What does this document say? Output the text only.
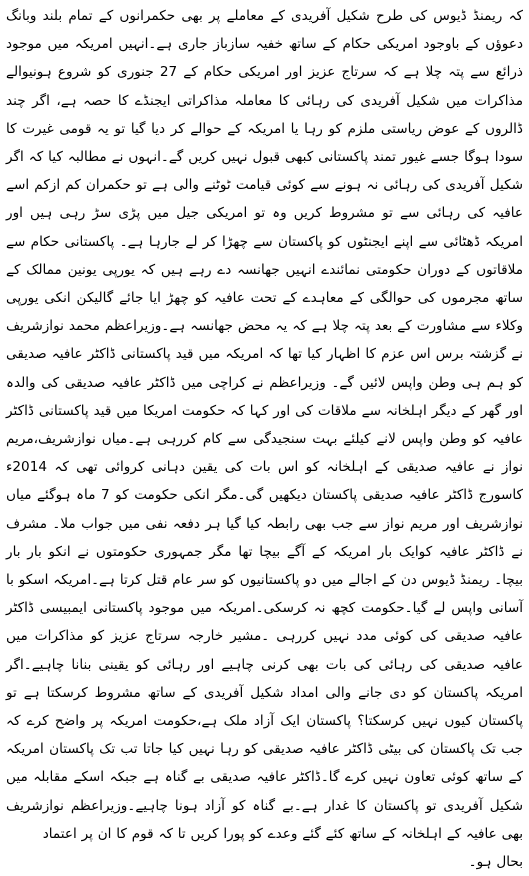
کہ ریمنڈ ڈیوس کی طرح شکیل آفریدی کے معاملے پر بھی حکمرانوں کے تمام بلند وبانگ دعوؤں کے باوجود امریکی حکام کے ساتھ خفیہ سازباز جاری ہے۔انہیں امریکہ میں موجود ذرائع سے پتہ چلا ہے کہ سرتاج عزیز اور امریکی حکام کے 27 جنوری کو شروع ہونیوالے مذاکرات میں شکیل آفریدی کی رہائی کا معاملہ مذاکراتی ایجنڈے کا حصہ ہے، اگر چند ڈالروں کے عوض ریاستی ملزم کو رہا یا امریکہ کے حوالے کر دیا گیا تو یہ قومی غیرت کا سودا ہوگا جسے غیور تمند پاکستانی کبھی قبول نہیں کریں گے۔انہوں نے مطالبہ کیا کہ اگر شکیل آفریدی کی رہائی نہ ہونے سے کوئی قیامت ٹوٹنے والی ہے تو حکمران کم ازکم اسے عافیہ کی رہائی سے تو مشروط کریں وہ تو امریکی جیل میں پڑی سڑ رہی ہیں اور امریکہ ڈھٹائی سے اپنے ایجنٹوں کو پاکستان سے چھڑا کر لے جارہا ہے۔ پاکستانی حکام سے ملاقاتوں کے دوران حکومتی نمائندے انہیں جھانسہ دے رہے ہیں کہ یورپی یونین ممالک کے ساتھ مجرموں کی حوالگی کے معاہدے کے تحت عافیہ کو چھڑ ایا جائے گالیکن انکی یورپی وکلاء سے مشاورت کے بعد پتہ چلا ہے کہ یہ محض جھانسہ ہے۔وزیراعظم محمد نوازشریف نے گزشتہ برس اس عزم کا اظہار کیا تھا کہ امریکہ میں قید پاکستانی ڈاکٹر عافیہ صدیقی کو ہم ہی وطن واپس لائیں گے۔ وزیراعظم نے کراچی میں ڈاکٹر عافیہ صدیقی کی والدہ اور گھر کے دیگر اہلخانہ سے ملاقات کی اور کہا کہ حکومت امریکا میں قید پاکستانی ڈاکٹر عافیہ کو وطن واپس لانے کیلئے بہت سنجیدگی سے کام کررہی ہے۔میاں نوازشریف،مریم نواز نے عافیہ صدیقی کے اہلخانہ کو اس بات کی یقین دہانی کروائی تھی کہ 2014ء کاسورج ڈاکٹر عافیہ صدیقی پاکستان دیکھیں گی۔مگر انکی حکومت کو 7 ماہ ہوگئے میاں نوازشریف اور مریم نواز سے جب بھی رابطہ کیا گیا ہر دفعہ نفی میں جواب ملا۔ مشرف نے ڈاکٹر عافیہ کوایک بار امریکہ کے آگے بیچا تھا مگر جمہوری حکومتوں نے انکو بار بار بیچا۔ ریمنڈ ڈیوس دن کے اجالے میں دو پاکستانیوں کو سر عام قتل کرتا ہے۔امریکہ اسکو با آسانی واپس لے گیا۔حکومت کچھ نہ کرسکی۔امریکہ میں موجود پاکستانی ایمبیسی ڈاکٹر عافیہ صدیقی کی کوئی مدد نہیں کررہی ۔مشیر خارجہ سرتاج عزیز کو مذاکرات میں عافیہ صدیقی کی رہائی کی بات بھی کرنی چاہیے اور رہائی کو یقینی بنانا چاہیے۔اگر امریکہ پاکستان کو دی جانے والی امداد شکیل آفریدی کے ساتھ مشروط کرسکتا ہے تو پاکستان کیوں نہیں کرسکتا؟ پاکستان ایک آزاد ملک ہے،حکومت امریکہ پر واضح کرے کہ جب تک پاکستان کی بیٹی ڈاکٹر عافیہ صدیقی کو رہا نہیں کیا جاتا تب تک پاکستان امریکہ کے ساتھ کوئی تعاون نہیں کرے گا۔ڈاکٹر عافیہ صدیقی بے گناہ ہے جبکہ اسکے مقابلہ میں شکیل آفریدی تو پاکستان کا غدار ہے۔بے گناہ کو آزاد ہونا چاہیے۔وزیراعظم نوازشریف بھی عافیہ کے اہلخانہ کے ساتھ کئے گئے وعدے کو پورا کریں تا کہ قوم کا ان پر اعتماد
بحال ہو۔
